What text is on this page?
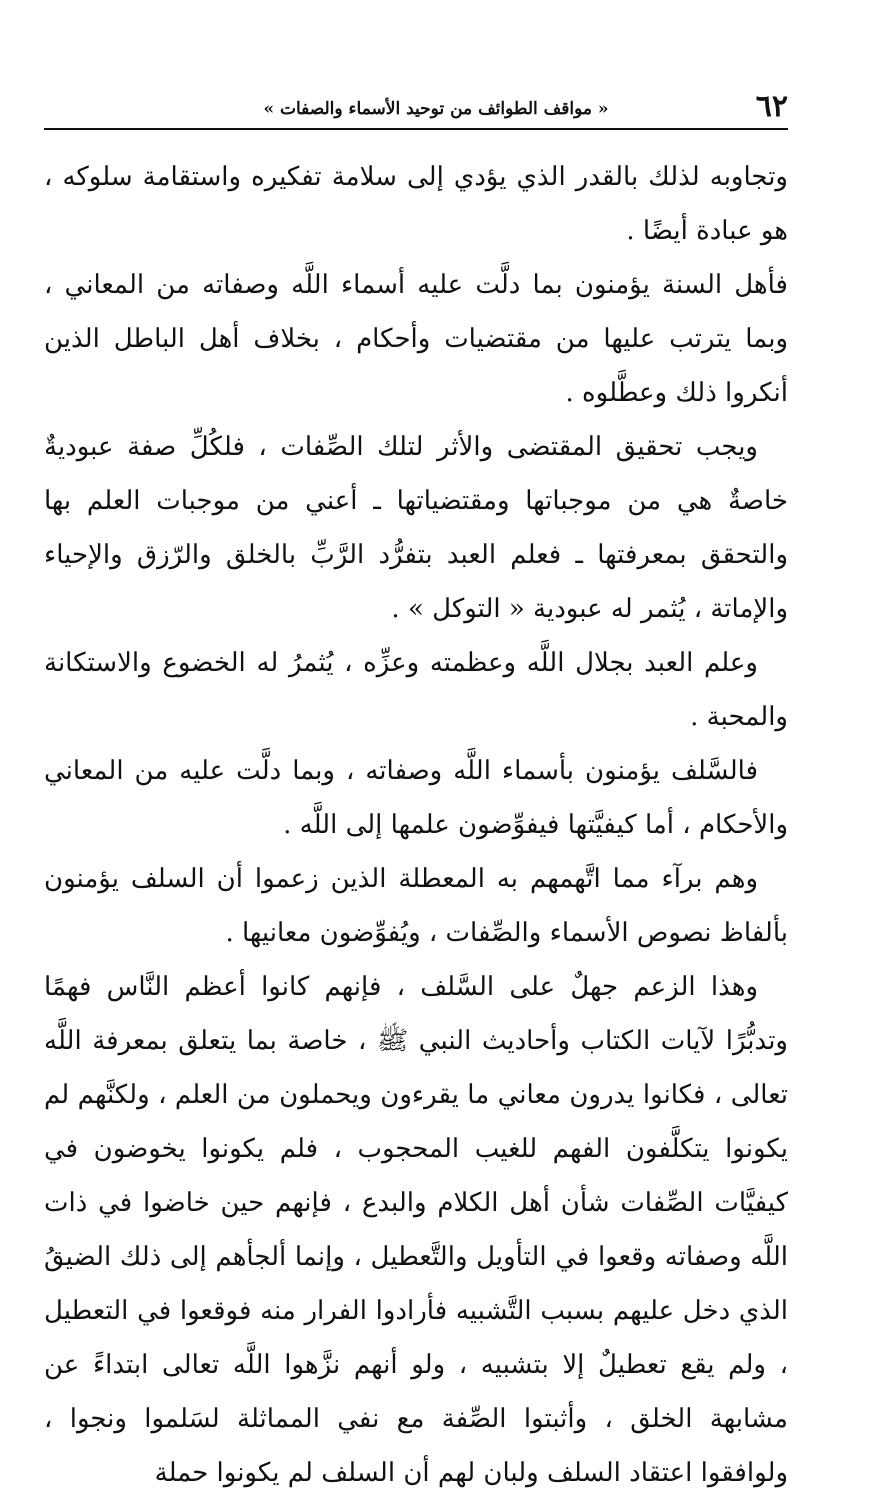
٦٢
« مواقف الطوائف من توحيد الأسماء والصفات »

وتجاوبه لذلك بالقدر الذي يؤدي إلى سلامة تفكيره واستقامة سلوكه ، هو عبادة أيضًا .

فأهل السنة يؤمنون بما دلَّت عليه أسماء اللَّه وصفاته من المعاني ، وبما يترتب عليها من مقتضيات وأحكام ، بخلاف أهل الباطل الذين أنكروا ذلك وعطَّلوه .

ويجب تحقيق المقتضى والأثر لتلك الصِّفات ، فلكُلِّ صفة عبوديةٌ خاصةٌ هي من موجباتها ومقتضياتها ـ أعني من موجبات العلم بها والتحقق بمعرفتها ـ فعلم العبد بتفرُّد الرَّبِّ بالخلق والرّزق والإحياء والإماتة ، يُثمر له عبودية « التوكل » .

وعلم العبد بجلال اللَّه وعظمته وعزِّه ، يُثمرُ له الخضوع والاستكانة والمحبة .

فالسَّلف يؤمنون بأسماء اللَّه وصفاته ، وبما دلَّت عليه من المعاني والأحكام ، أما كيفيَّتها فيفوِّضون علمها إلى اللَّه .

وهم برآء مما اتَّهمهم به المعطلة الذين زعموا أن السلف يؤمنون بألفاظ نصوص الأسماء والصِّفات ، ويُفوِّضون معانيها .

وهذا الزعم جهلٌ على السَّلف ، فإنهم كانوا أعظم النَّاس فهمًا وتدبُّرًا لآيات الكتاب وأحاديث النبي ﷺ ، خاصة بما يتعلق بمعرفة اللَّه تعالى ، فكانوا يدرون معاني ما يقرءون ويحملون من العلم ، ولكنَّهم لم يكونوا يتكلَّفون الفهم للغيب المحجوب ، فلم يكونوا يخوضون في كيفيَّات الصِّفات شأن أهل الكلام والبدع ، فإنهم حين خاضوا في ذات اللَّه وصفاته وقعوا في التأويل والتَّعطيل ، وإنما ألجأهم إلى ذلك الضيقُ الذي دخل عليهم بسبب التَّشبيه فأرادوا الفرار منه فوقعوا في التعطيل ، ولم يقع تعطيلٌ إلا بتشبيه ، ولو أنهم نزَّهوا اللَّه تعالى ابتداءً عن مشابهة الخلق ، وأثبتوا الصِّفة مع نفي المماثلة لسَلموا ونجوا ، ولوافقوا اعتقاد السلف ولبان لهم أن السلف لم يكونوا حملة
